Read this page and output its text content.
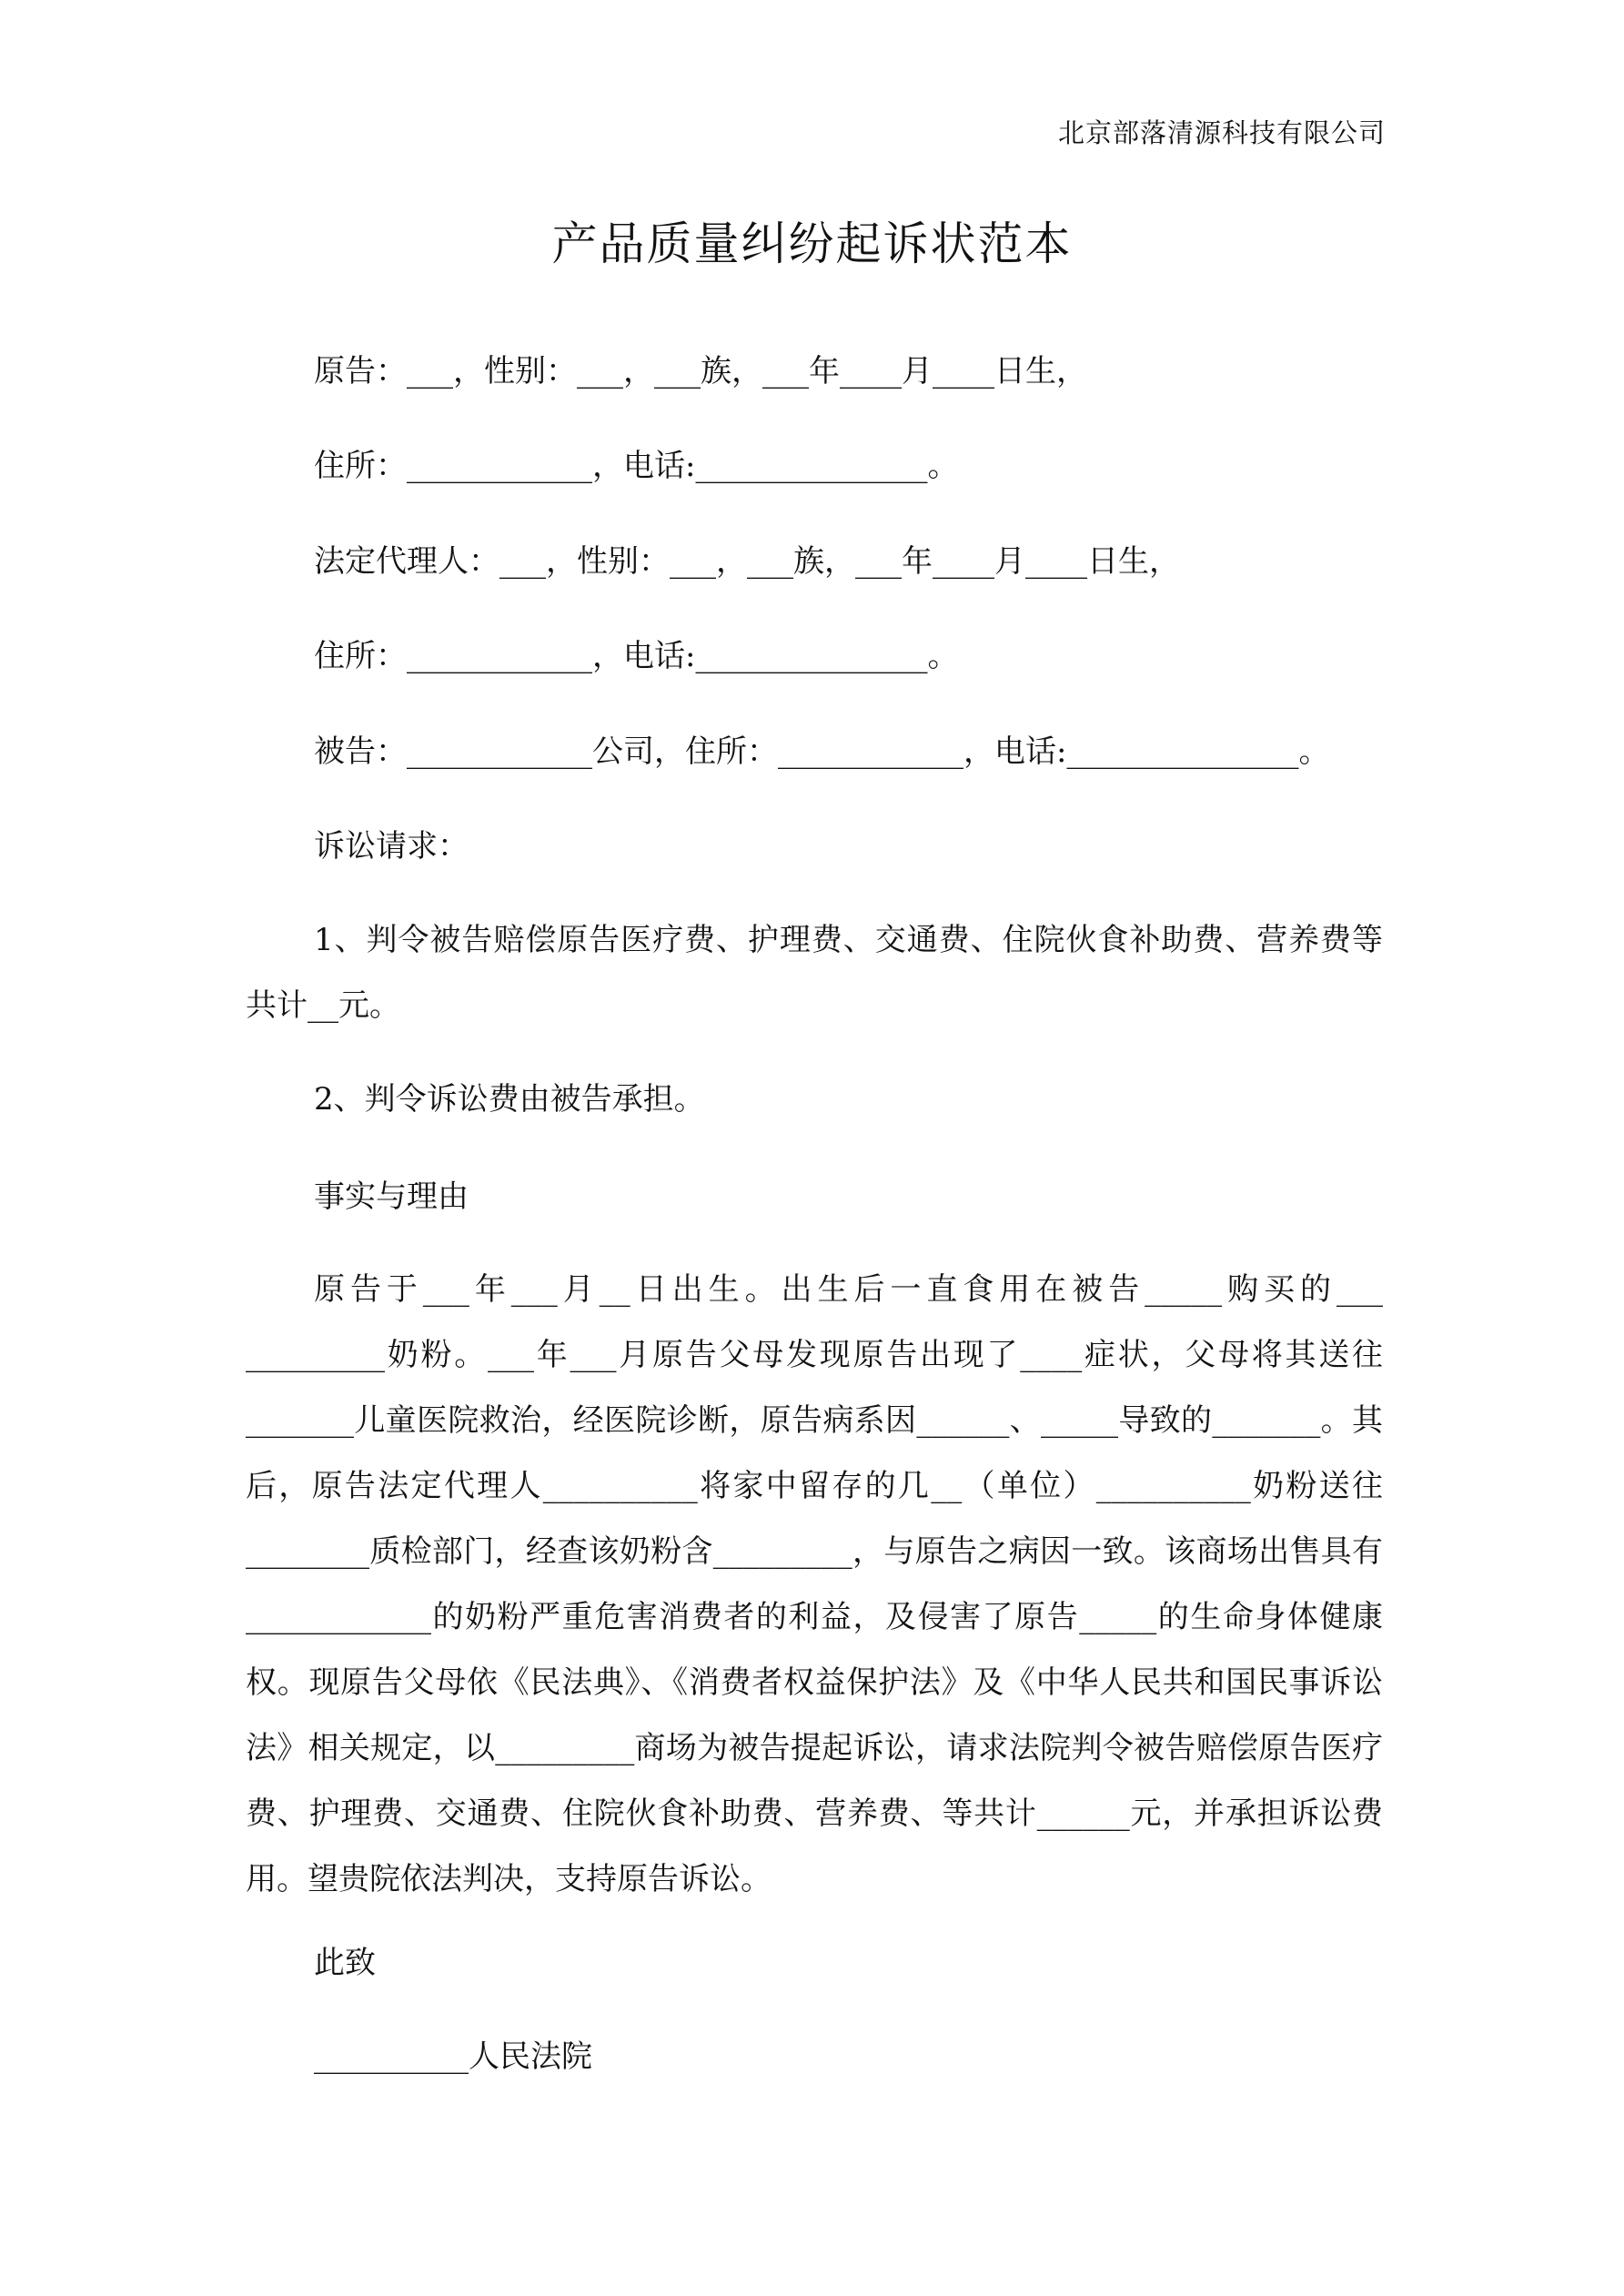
北京部落清源科技有限公司
产品质量纠纷起诉状范本
原告：___，性别：___，___族，___年____月____日生，
住所：____________，电话:_______________。
法定代理人：___，性别：___，___族，___年____月____日生，
住所：____________，电话:_______________。
被告：____________公司，住所：____________，电话:_______________。
诉讼请求：
1、判令被告赔偿原告医疗费、护理费、交通费、住院伙食补助费、营养费等共计__元。
2、判令诉讼费由被告承担。
事实与理由
原告于___年___月__日出生。出生后一直食用在被告_____购买的___ _________奶粉。___年___月原告父母发现原告出现了____症状，父母将其送往_______儿童医院救治，经医院诊断，原告病系因______、_____导致的_______。其后，原告法定代理人__________将家中留存的几__（单位）__________奶粉送往________质检部门，经查该奶粉含_________，与原告之病因一致。该商场出售具有____________的奶粉严重危害消费者的利益，及侵害了原告_____的生命身体健康权。现原告父母依《民法典》、《消费者权益保护法》及《中华人民共和国民事诉讼法》相关规定，以_________商场为被告提起诉讼，请求法院判令被告赔偿原告医疗费、护理费、交通费、住院伙食补助费、营养费、等共计______元，并承担诉讼费用。望贵院依法判决，支持原告诉讼。
此致
__________人民法院
